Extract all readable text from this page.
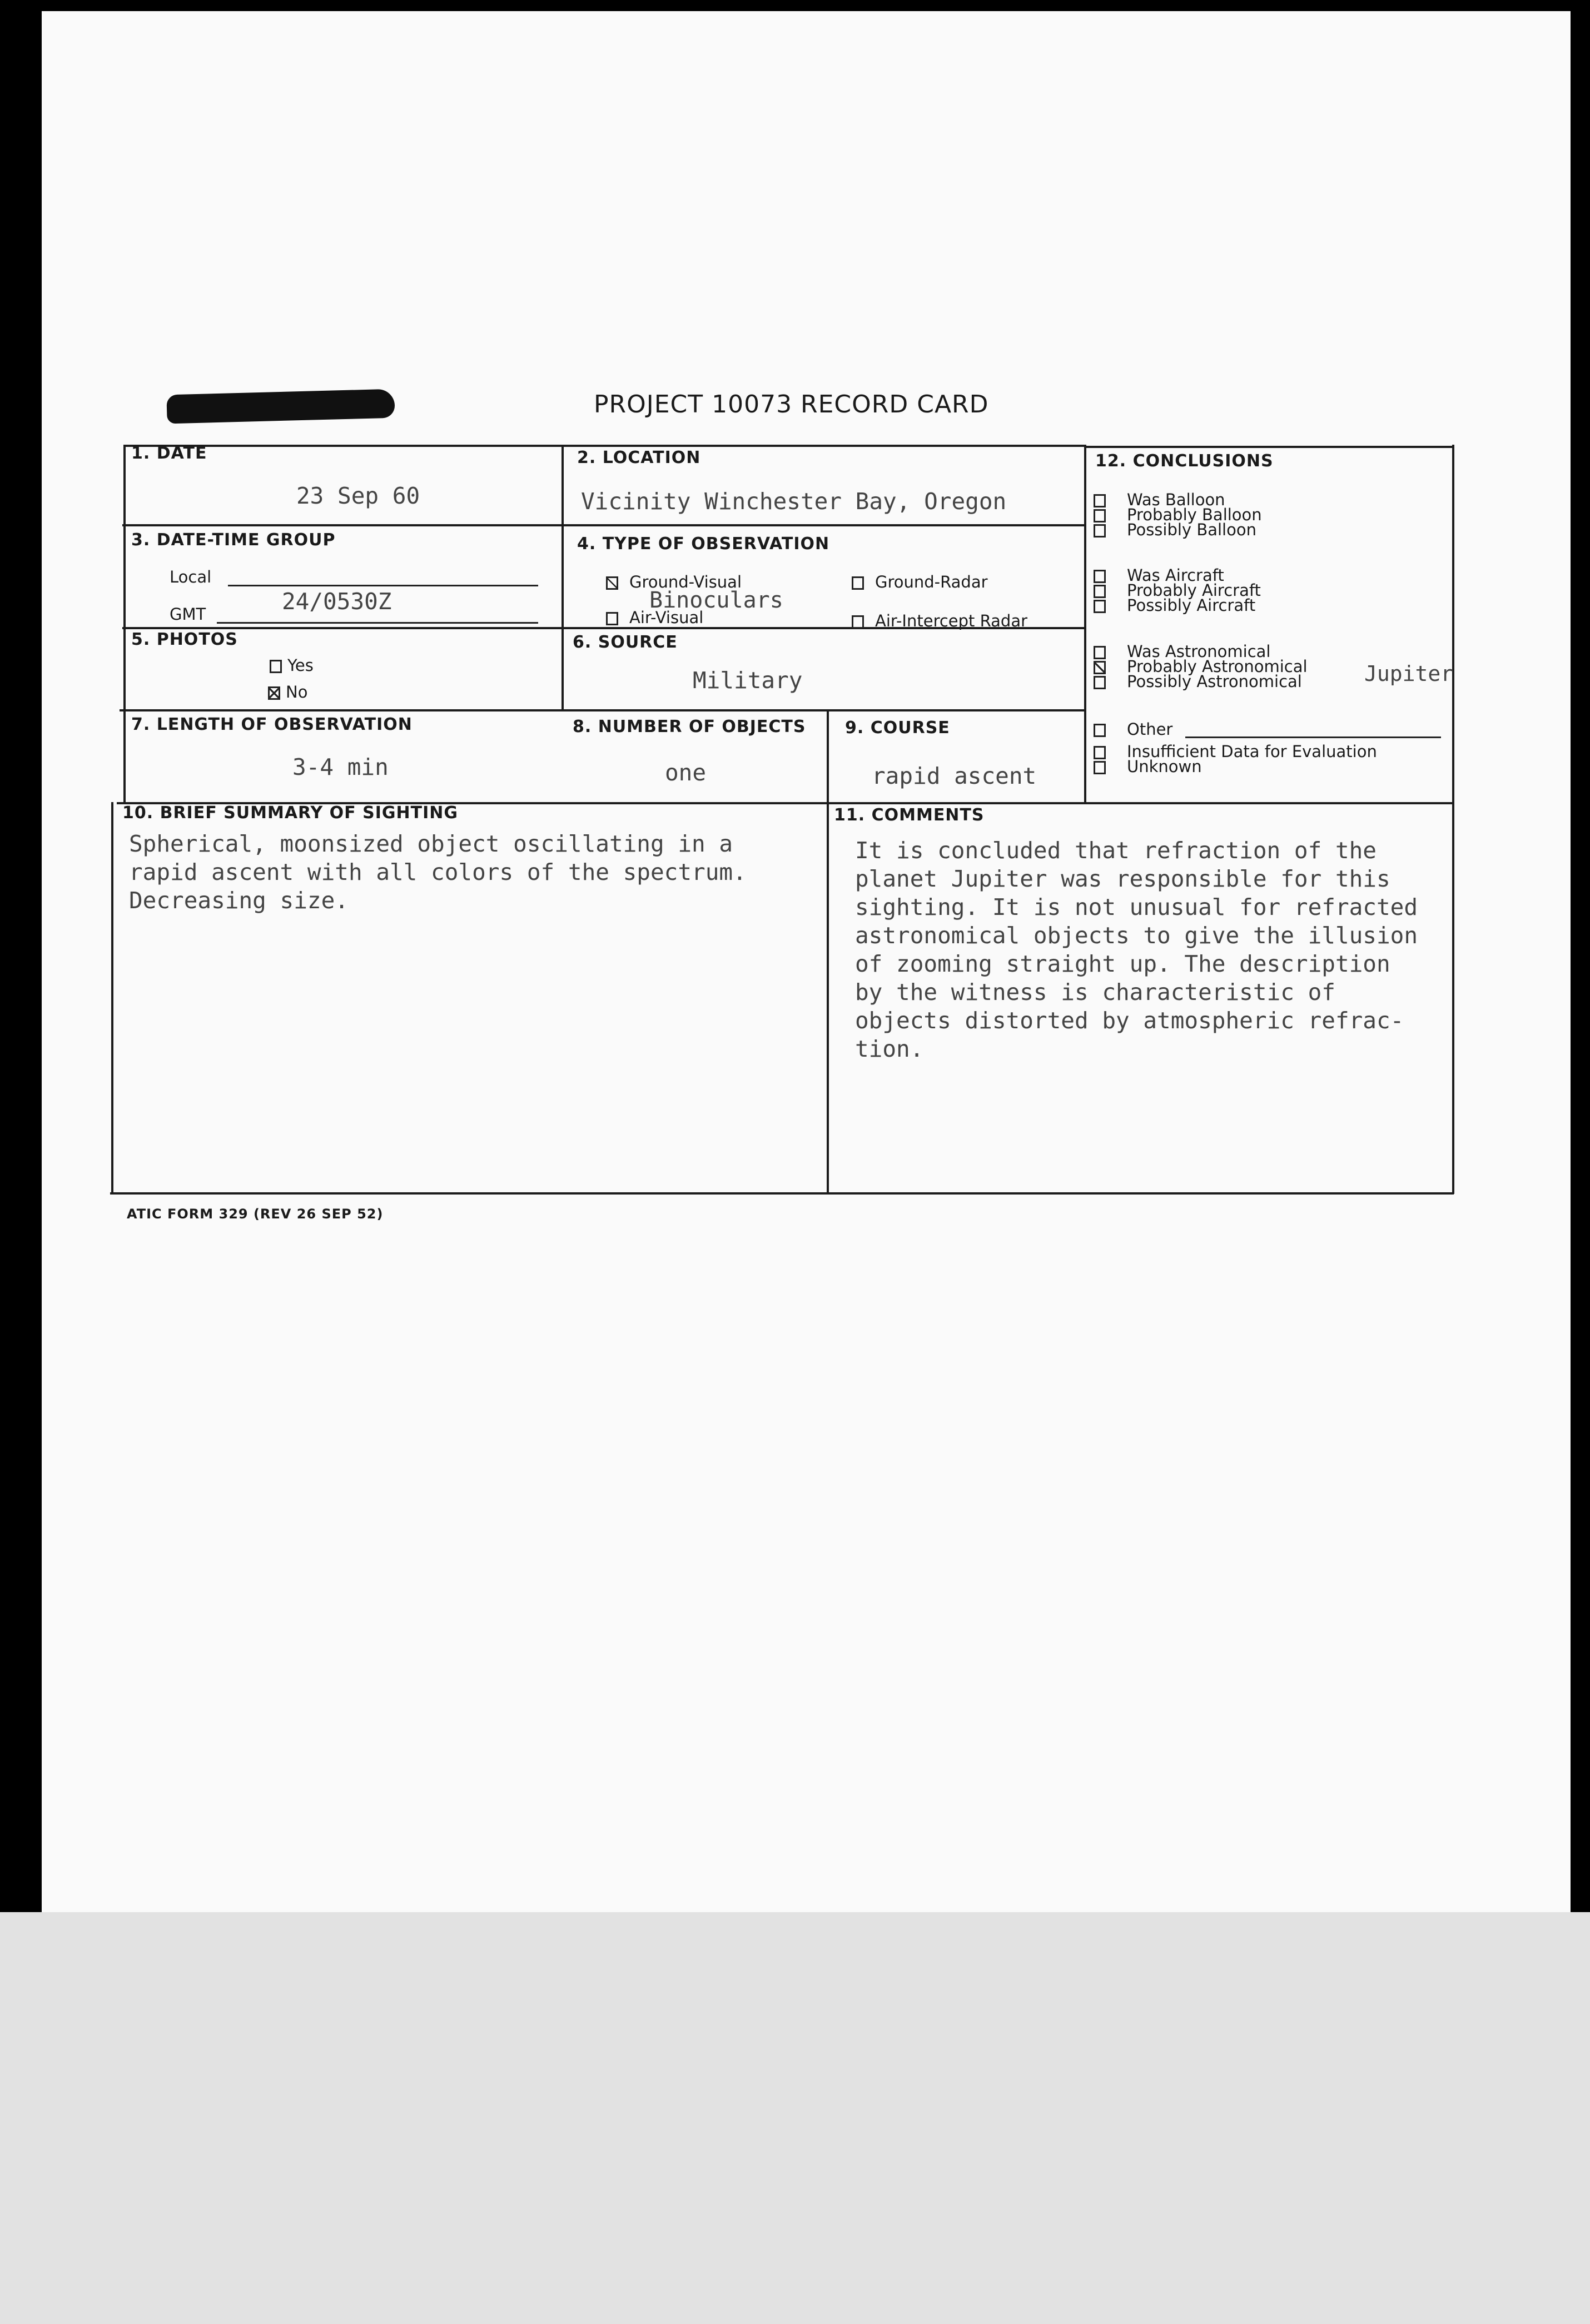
PROJECT 10073 RECORD CARD
1. DATE
23 Sep 60
2. LOCATION
Vicinity Winchester Bay, Oregon
3. DATE-TIME GROUP
Local
GMT	24/0530Z
4. TYPE OF OBSERVATION
Ground-Visual	Ground-Radar
Binoculars
Air-Visual	Air-Intercept Radar
5. PHOTOS
Yes
No
6. SOURCE
Military
7. LENGTH OF OBSERVATION
3-4 min
8. NUMBER OF OBJECTS
one
9. COURSE
rapid ascent
10. BRIEF SUMMARY OF SIGHTING
Spherical, moonsized object oscillating in a
rapid ascent with all colors of the spectrum.
Decreasing size.
11. COMMENTS
It is concluded that refraction of the
planet Jupiter was responsible for this
sighting. It is not unusual for refracted
astronomical objects to give the illusion
of zooming straight up. The description
by the witness is characteristic of
objects distorted by atmospheric refrac-
tion.
12. CONCLUSIONS
Was Balloon
Probably Balloon
Possibly Balloon
Was Aircraft
Probably Aircraft
Possibly Aircraft
Was Astronomical
Probably Astronomical
Possibly Astronomical
Other
Insufficient Data for Evaluation
Unknown
Jupiter
ATIC FORM 329 (REV 26 SEP 52)
